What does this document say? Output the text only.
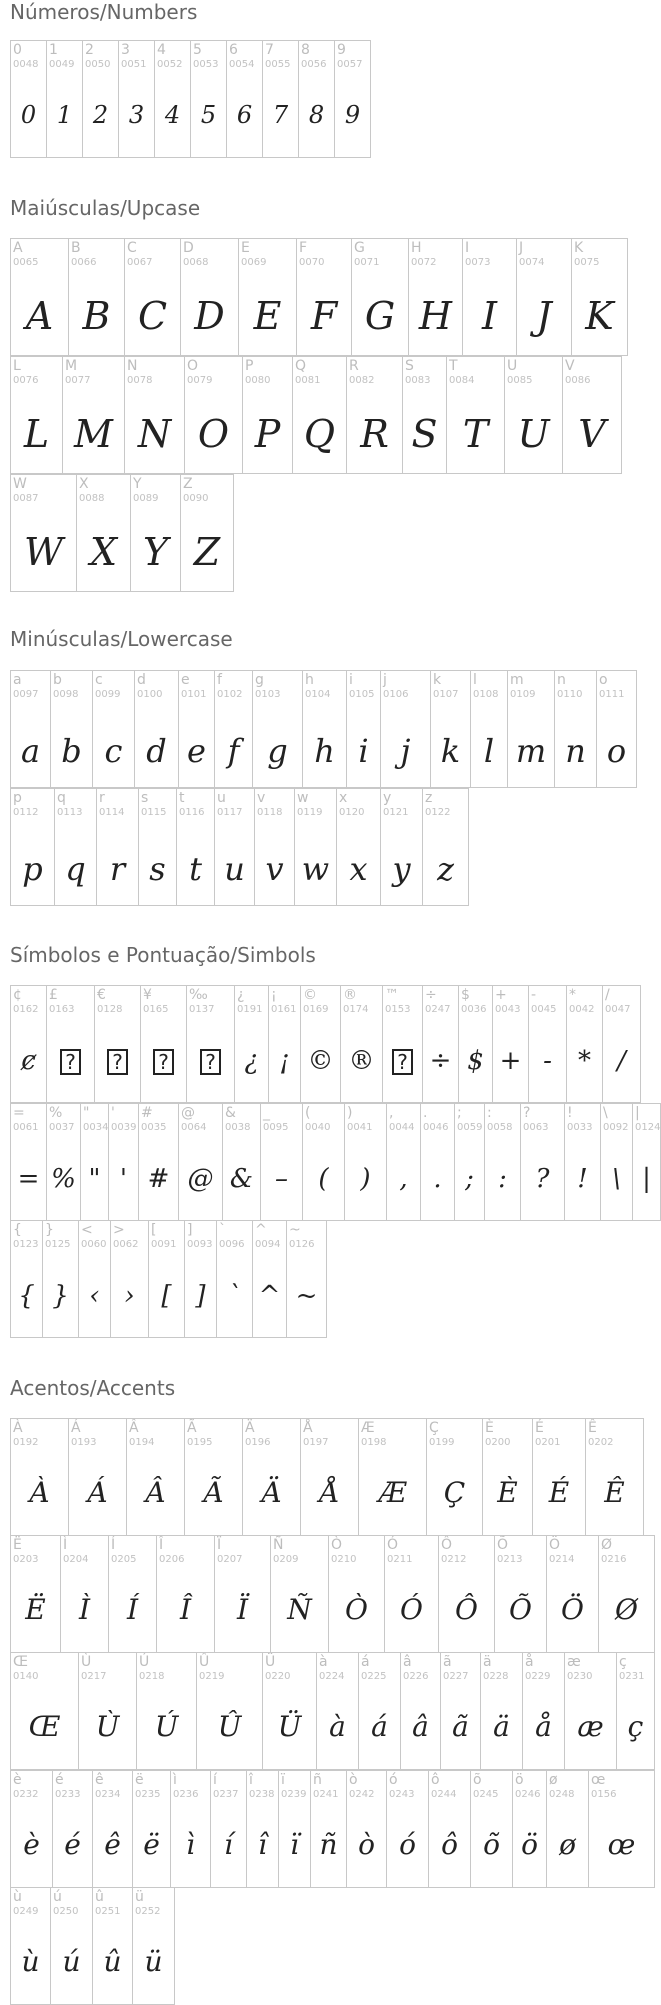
Números/Numbers
0
0048
0
1
0049
1
2
0050
2
3
0051
3
4
0052
4
5
0053
5
6
0054
6
7
0055
7
8
0056
8
9
0057
9
Maiúsculas/Upcase
A
0065
A
B
0066
B
C
0067
C
D
0068
D
E
0069
E
F
0070
F
G
0071
G
H
0072
H
I
0073
I
J
0074
J
K
0075
K
L
0076
L
M
0077
M
N
0078
N
O
0079
O
P
0080
P
Q
0081
Q
R
0082
R
S
0083
S
T
0084
T
U
0085
U
V
0086
V
W
0087
W
X
0088
X
Y
0089
Y
Z
0090
Z
Minúsculas/Lowercase
a
0097
a
b
0098
b
c
0099
c
d
0100
d
e
0101
e
f
0102
f
g
0103
g
h
0104
h
i
0105
i
j
0106
j
k
0107
k
l
0108
l
m
0109
m
n
0110
n
o
0111
o
p
0112
p
q
0113
q
r
0114
r
s
0115
s
t
0116
t
u
0117
u
v
0118
v
w
0119
w
x
0120
x
y
0121
y
z
0122
z
Símbolos e Pontuação/Simbols
¢
0162
ȼ
£
0163
?
€
0128
?
¥
0165
?
‰
0137
?
¿
0191
¿
¡
0161
¡
©
0169
©
®
0174
®
™
0153
?
÷
0247
÷
$
0036
$
+
0043
+
-
0045
-
*
0042
*
/
0047
/
=
0061
=
%
0037
%
"
0034
"
'
0039
'
#
0035
#
@
0064
@
&
0038
&
_
0095
–
(
0040
(
)
0041
)
,
0044
,
.
0046
.
;
0059
;
:
0058
:
?
0063
?
!
0033
!
\
0092
\
|
0124
|
{
0123
{
}
0125
}
<
0060
‹
>
0062
›
[
0091
[
]
0093
]
`
0096
`
^
0094
^
~
0126
~
Acentos/Accents
À
0192
À
Á
0193
Á
Â
0194
Â
Ã
0195
Ã
Ä
0196
Ä
Å
0197
Å
Æ
0198
Æ
Ç
0199
Ç
È
0200
È
É
0201
É
Ê
0202
Ê
Ë
0203
Ë
Ì
0204
Ì
Í
0205
Í
Î
0206
Î
Ï
0207
Ï
Ñ
0209
Ñ
Ò
0210
Ò
Ó
0211
Ó
Ô
0212
Ô
Õ
0213
Õ
Ö
0214
Ö
Ø
0216
Ø
Œ
0140
Œ
Ù
0217
Ù
Ú
0218
Ú
Û
0219
Û
Ü
0220
Ü
à
0224
à
á
0225
á
â
0226
â
ã
0227
ã
ä
0228
ä
å
0229
å
æ
0230
æ
ç
0231
ç
è
0232
è
é
0233
é
ê
0234
ê
ë
0235
ë
ì
0236
ì
í
0237
í
î
0238
î
ï
0239
ï
ñ
0241
ñ
ò
0242
ò
ó
0243
ó
ô
0244
ô
õ
0245
õ
ö
0246
ö
ø
0248
ø
œ
0156
œ
ù
0249
ù
ú
0250
ú
û
0251
û
ü
0252
ü
